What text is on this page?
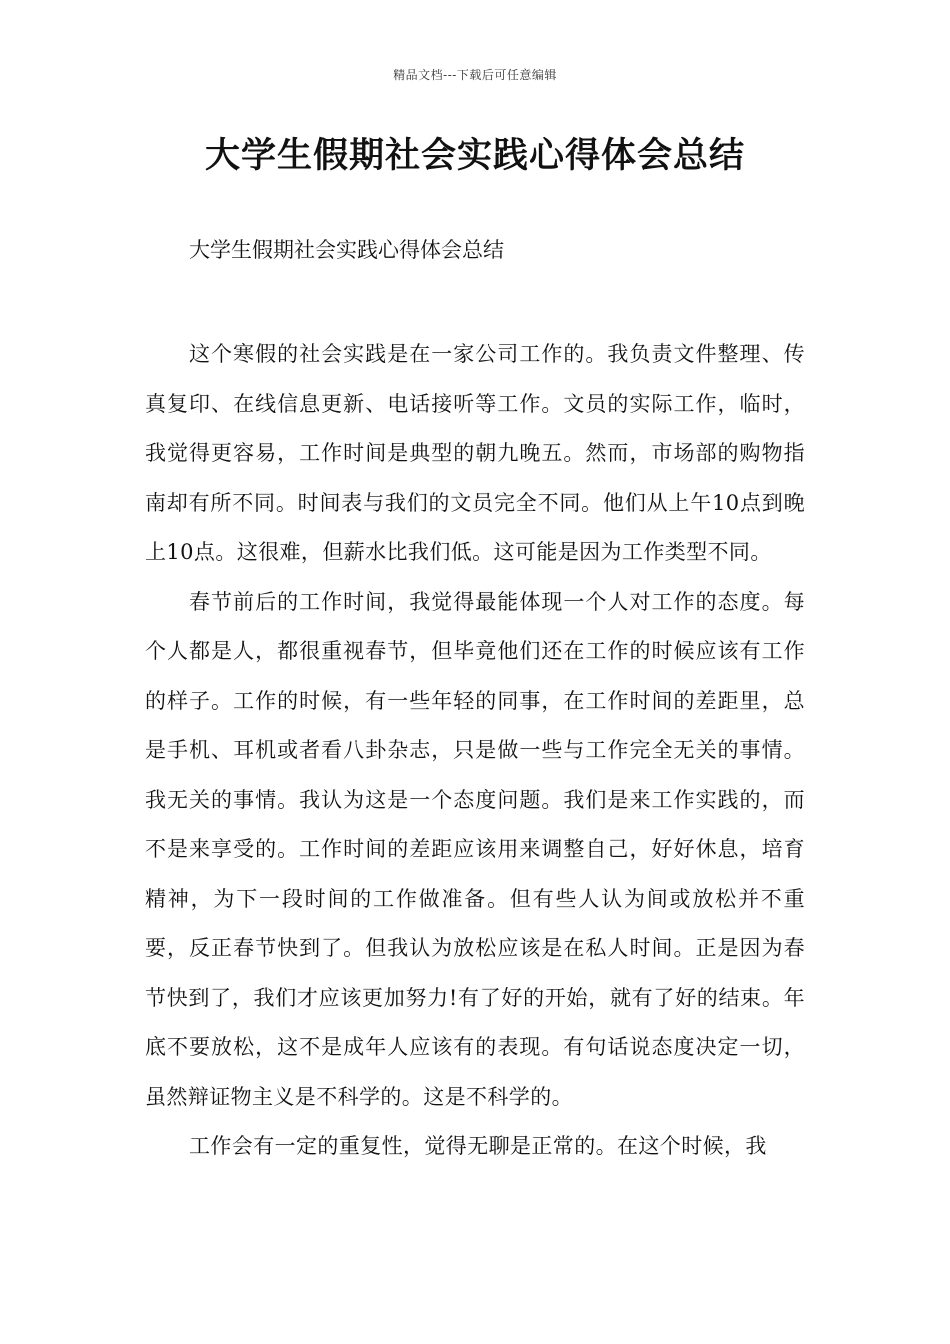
精品文档---下载后可任意编辑
大学生假期社会实践心得体会总结
大学生假期社会实践心得体会总结

这个寒假的社会实践是在一家公司工作的。我负责文件整理、传真复印、在线信息更新、电话接听等工作。文员的实际工作，临时，我觉得更容易，工作时间是典型的朝九晚五。然而，市场部的购物指南却有所不同。时间表与我们的文员完全不同。他们从上午10点到晚上10点。这很难，但薪水比我们低。这可能是因为工作类型不同。

春节前后的工作时间，我觉得最能体现一个人对工作的态度。每个人都是人，都很重视春节，但毕竟他们还在工作的时候应该有工作的样子。工作的时候，有一些年轻的同事，在工作时间的差距里，总是手机、耳机或者看八卦杂志，只是做一些与工作完全无关的事情。我无关的事情。我认为这是一个态度问题。我们是来工作实践的，而不是来享受的。工作时间的差距应该用来调整自己，好好休息，培育精神，为下一段时间的工作做准备。但有些人认为间或放松并不重要，反正春节快到了。但我认为放松应该是在私人时间。正是因为春节快到了，我们才应该更加努力!有了好的开始，就有了好的结束。年底不要放松，这不是成年人应该有的表现。有句话说态度决定一切，虽然辩证物主义是不科学的。这是不科学的。

工作会有一定的重复性，觉得无聊是正常的。在这个时候，我
